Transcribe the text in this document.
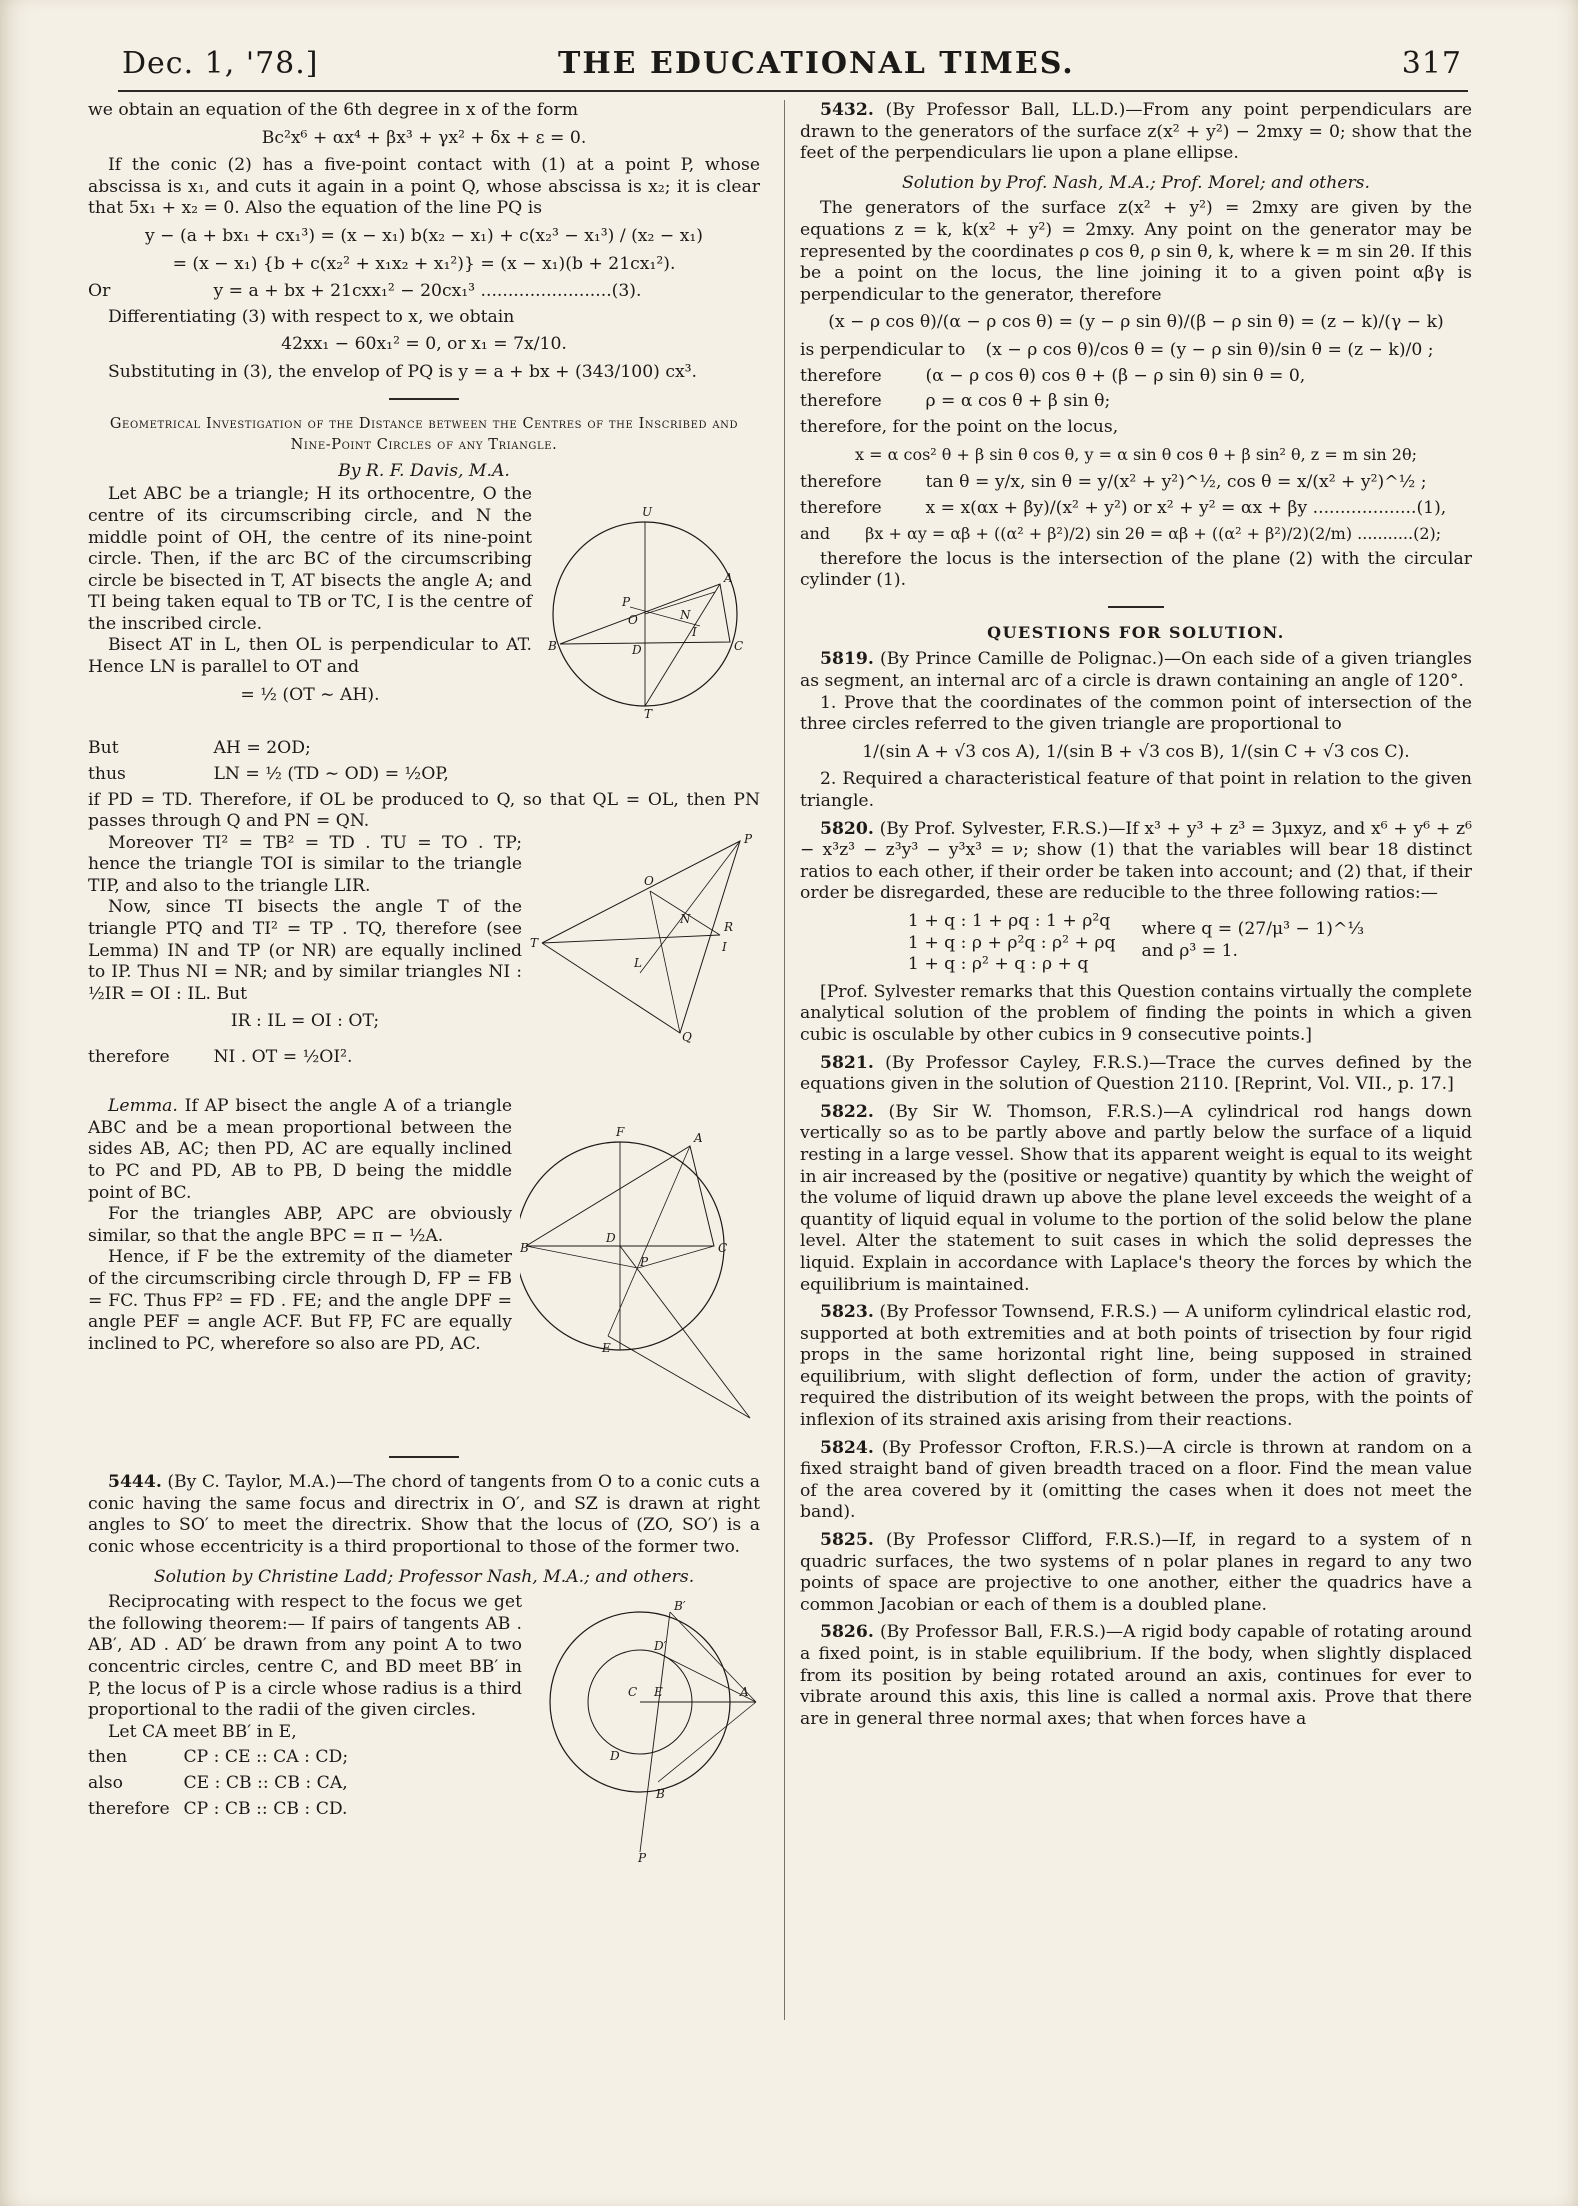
Dec. 1, '78.]	THE EDUCATIONAL TIMES.	317

we obtain an equation of the 6th degree in x of the form

Bc²x⁶ + αx⁴ + βx³ + γx² + δx + ε = 0.

If the conic (2) has a five-point contact with (1) at a point P, whose abscissa is x₁, and cuts it again in a point Q, whose abscissa is x₂; it is clear that 5x₁ + x₂ = 0. Also the equation of the line PQ is

y − (a + bx₁ + cx₁³) = (x − x₁) b(x₂ − x₁) + c(x₂³ − x₁³) / (x₂ − x₁)

= (x − x₁) {b + c(x₂² + x₁x₂ + x₁²)} = (x − x₁)(b + 21cx₁²).

Or	y = a + bx + 21cxx₁² − 20cx₁³ ........................(3).

Differentiating (3) with respect to x, we obtain

42xx₁ − 60x₁² = 0, or x₁ = 7x/10.

Substituting in (3), the envelop of PQ is y = a + bx + (343/100) cx³.

Geometrical Investigation of the Distance between the Centres of the Inscribed and Nine-Point Circles of any Triangle.

By R. F. Davis, M.A.

Let ABC be a triangle; H its orthocentre, O the centre of its circumscribing circle, and N the middle point of OH, the centre of its nine-point circle. Then, if the arc BC of the circumscribing circle be bisected in T, AT bisects the angle A; and TI being taken equal to TB or TC, I is the centre of the inscribed circle.

Bisect AT in L, then OL is perpendicular to AT. Hence LN is parallel to OT and

= ½ (OT ∼ AH).

U
A
P
O	N
I
B	C
D
T

But	AH = 2OD;

thus	LN = ½ (TD ∼ OD) = ½OP,

if PD = TD. Therefore, if OL be produced to Q, so that QL = OL, then PN passes through Q and PN = QN.

Moreover TI² = TB² = TD . TU = TO . TP; hence the triangle TOI is similar to the triangle TIP, and also to the triangle LIR.

Now, since TI bisects the angle T of the triangle PTQ and TI² = TP . TQ, therefore (see Lemma) IN and TP (or NR) are equally inclined to IP. Thus NI = NR; and by similar triangles NI : ½IR = OI : IL. But

IR : IL = OI : OT;

P
O
R
T
N
I
L
Q

therefore	NI . OT = ½OI².

Lemma. If AP bisect the angle A of a triangle ABC and be a mean proportional between the sides AB, AC; then PD, AC are equally inclined to PC and PD, AB to PB, D being the middle point of BC.

For the triangles ABP, APC are obviously similar, so that the angle BPC = π − ½A.

Hence, if F be the extremity of the diameter of the circumscribing circle through D, FP = FB = FC. Thus FP² = FD . FE; and the angle DPF = angle PEF = angle ACF. But FP, FC are equally inclined to PC, wherefore so also are PD, AC.

F	A
B	C
D
P
E

5444. (By C. Taylor, M.A.)—The chord of tangents from O to a conic cuts a conic having the same focus and directrix in O′, and SZ is drawn at right angles to SO′ to meet the directrix. Show that the locus of (ZO, SO′) is a conic whose eccentricity is a third proportional to those of the former two.

Solution by Christine Ladd; Professor Nash, M.A.; and others.

Reciprocating with respect to the focus we get the following theorem:— If pairs of tangents AB . AB′, AD . AD′ be drawn from any point A to two concentric circles, centre C, and BD meet BB′ in P, the locus of P is a circle whose radius is a third proportional to the radii of the given circles.

Let CA meet BB′ in E,

then	CP : CE :: CA : CD;

also	CE : CB :: CB : CA,

therefore CP : CB :: CB : CD.

B′
D′
C E	A
D
B
P

5432. (By Professor Ball, LL.D.)—From any point perpendiculars are drawn to the generators of the surface z(x² + y²) − 2mxy = 0; show that the feet of the perpendiculars lie upon a plane ellipse.

Solution by Prof. Nash, M.A.; Prof. Morel; and others.

The generators of the surface z(x² + y²) = 2mxy are given by the equations z = k, k(x² + y²) = 2mxy. Any point on the generator may be represented by the coordinates ρ cos θ, ρ sin θ, k, where k = m sin 2θ. If this be a point on the locus, the line joining it to a given point αβγ is perpendicular to the generator, therefore

(x − ρ cos θ)/(α − ρ cos θ) = (y − ρ sin θ)/(β − ρ sin θ) = (z − k)/(γ − k)

is perpendicular to (x − ρ cos θ)/cos θ = (y − ρ sin θ)/sin θ = (z − k)/0 ;

therefore	(α − ρ cos θ) cos θ + (β − ρ sin θ) sin θ = 0,

therefore	ρ = α cos θ + β sin θ;

therefore, for the point on the locus,

x = α cos² θ + β sin θ cos θ, y = α sin θ cos θ + β sin² θ, z = m sin 2θ;

therefore	tan θ = y/x, sin θ = y/(x² + y²)^½, cos θ = x/(x² + y²)^½ ;

therefore	x = x(αx + βy)/(x² + y²) or x² + y² = αx + βy ...................(1),

and βx + αy = αβ + ((α² + β²)/2) sin 2θ = αβ + ((α² + β²)/2)(2/m) ...........(2);

therefore the locus is the intersection of the plane (2) with the circular cylinder (1).

QUESTIONS FOR SOLUTION.

5819. (By Prince Camille de Polignac.)—On each side of a given triangles as segment, an internal arc of a circle is drawn containing an angle of 120°.

1. Prove that the coordinates of the common point of intersection of the three circles referred to the given triangle are proportional to

1/(sin A + √3 cos A), 1/(sin B + √3 cos B), 1/(sin C + √3 cos C).

2. Required a characteristical feature of that point in relation to the given triangle.

5820. (By Prof. Sylvester, F.R.S.)—If x³ + y³ + z³ = 3μxyz, and x⁶ + y⁶ + z⁶ − x³z³ − z³y³ − y³x³ = ν; show (1) that the variables will bear 18 distinct ratios to each other, if their order be taken into account; and (2) that, if their order be disregarded, these are reducible to the three following ratios:—

1 + q : 1 + ρq : 1 + ρ²q

1 + q : ρ + ρ²q : ρ² + ρq

1 + q : ρ² + q : ρ + q

where q = (27/μ³ − 1)^⅓

and ρ³ = 1.

[Prof. Sylvester remarks that this Question contains virtually the complete analytical solution of the problem of finding the points in which a given cubic is osculable by other cubics in 9 consecutive points.]

5821. (By Professor Cayley, F.R.S.)—Trace the curves defined by the equations given in the solution of Question 2110. [Reprint, Vol. VII., p. 17.]

5822. (By Sir W. Thomson, F.R.S.)—A cylindrical rod hangs down vertically so as to be partly above and partly below the surface of a liquid resting in a large vessel. Show that its apparent weight is equal to its weight in air increased by the (positive or negative) quantity by which the weight of the volume of liquid drawn up above the plane level exceeds the weight of a quantity of liquid equal in volume to the portion of the solid below the plane level. Alter the statement to suit cases in which the solid depresses the liquid. Explain in accordance with Laplace's theory the forces by which the equilibrium is maintained.

5823. (By Professor Townsend, F.R.S.) — A uniform cylindrical elastic rod, supported at both extremities and at both points of trisection by four rigid props in the same horizontal right line, being supposed in strained equilibrium, with slight deflection of form, under the action of gravity; required the distribution of its weight between the props, with the points of inflexion of its strained axis arising from their reactions.

5824. (By Professor Crofton, F.R.S.)—A circle is thrown at random on a fixed straight band of given breadth traced on a floor. Find the mean value of the area covered by it (omitting the cases when it does not meet the band).

5825. (By Professor Clifford, F.R.S.)—If, in regard to a system of n quadric surfaces, the two systems of n polar planes in regard to any two points of space are projective to one another, either the quadrics have a common Jacobian or each of them is a doubled plane.

5826. (By Professor Ball, F.R.S.)—A rigid body capable of rotating around a fixed point, is in stable equilibrium. If the body, when slightly displaced from its position by being rotated around an axis, continues for ever to vibrate around this axis, this line is called a normal axis. Prove that there are in general three normal axes; that when forces have a
